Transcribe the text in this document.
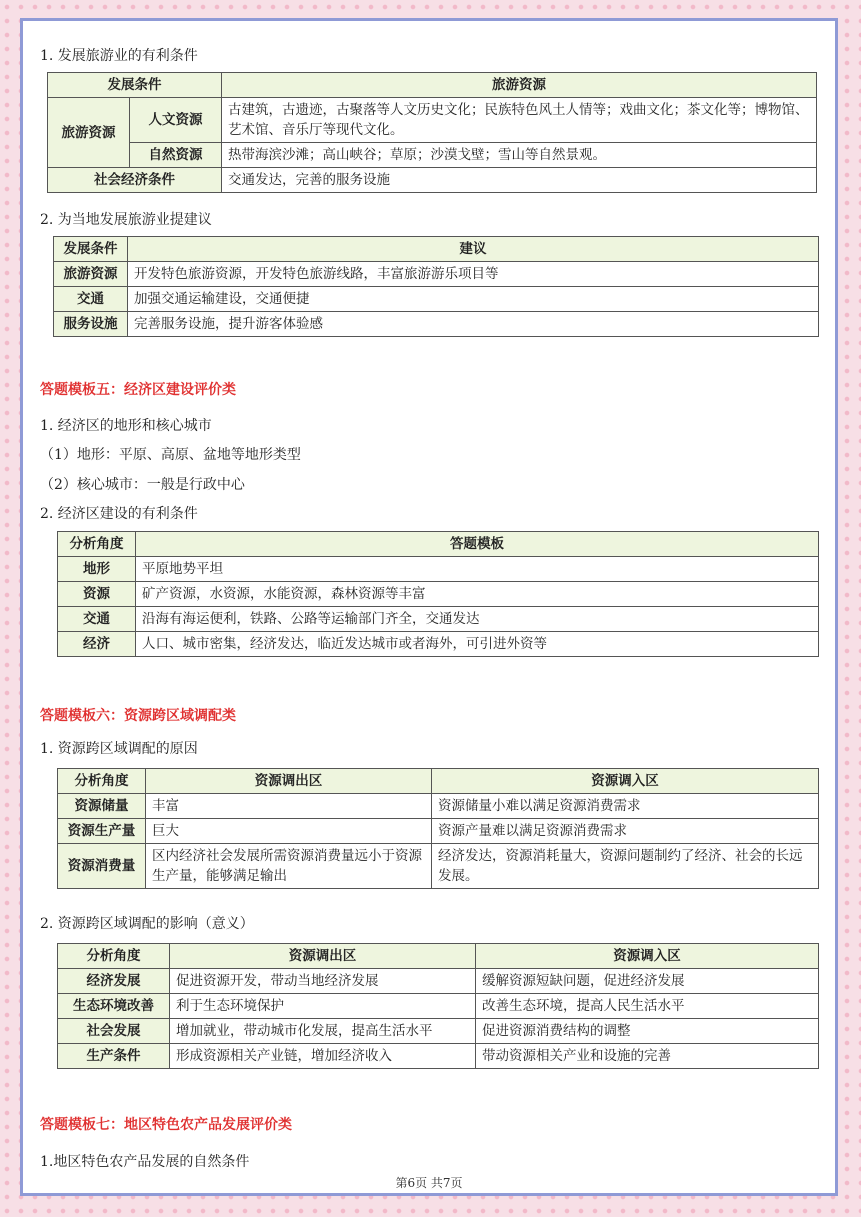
1. 发展旅游业的有利条件
发展条件		旅游资源
旅游资源	人文资源	古建筑，古遗迹，古聚落等人文历史文化；民族特色风土人情等；戏曲文化；茶文化等；博物馆、艺术馆、音乐厅等现代文化。
	自然资源	热带海滨沙滩；高山峡谷；草原；沙漠戈壁；雪山等自然景观。
社会经济条件		交通发达，完善的服务设施
2. 为当地发展旅游业提建议
发展条件	建议
旅游资源	开发特色旅游资源，开发特色旅游线路，丰富旅游游乐项目等
交通	加强交通运输建设，交通便捷
服务设施	完善服务设施，提升游客体验感
答题模板五：经济区建设评价类
1. 经济区的地形和核心城市
（1）地形：平原、高原、盆地等地形类型
（2）核心城市：一般是行政中心
2. 经济区建设的有利条件
分析角度	答题模板
地形	平原地势平坦
资源	矿产资源，水资源，水能资源，森林资源等丰富
交通	沿海有海运便利，铁路、公路等运输部门齐全，交通发达
经济	人口、城市密集，经济发达，临近发达城市或者海外，可引进外资等
答题模板六：资源跨区域调配类
1. 资源跨区域调配的原因
分析角度	资源调出区	资源调入区
资源储量	丰富	资源储量小难以满足资源消费需求
资源生产量	巨大	资源产量难以满足资源消费需求
资源消费量	区内经济社会发展所需资源消费量远小于资源生产量，能够满足输出	经济发达，资源消耗量大，资源问题制约了经济、社会的长远发展。
2. 资源跨区域调配的影响（意义）
分析角度	资源调出区	资源调入区
经济发展	促进资源开发，带动当地经济发展	缓解资源短缺问题，促进经济发展
生态环境改善	利于生态环境保护	改善生态环境，提高人民生活水平
社会发展	增加就业，带动城市化发展，提高生活水平	促进资源消费结构的调整
生产条件	形成资源相关产业链，增加经济收入	带动资源相关产业和设施的完善
答题模板七：地区特色农产品发展评价类
1.地区特色农产品发展的自然条件
第6页 共7页
